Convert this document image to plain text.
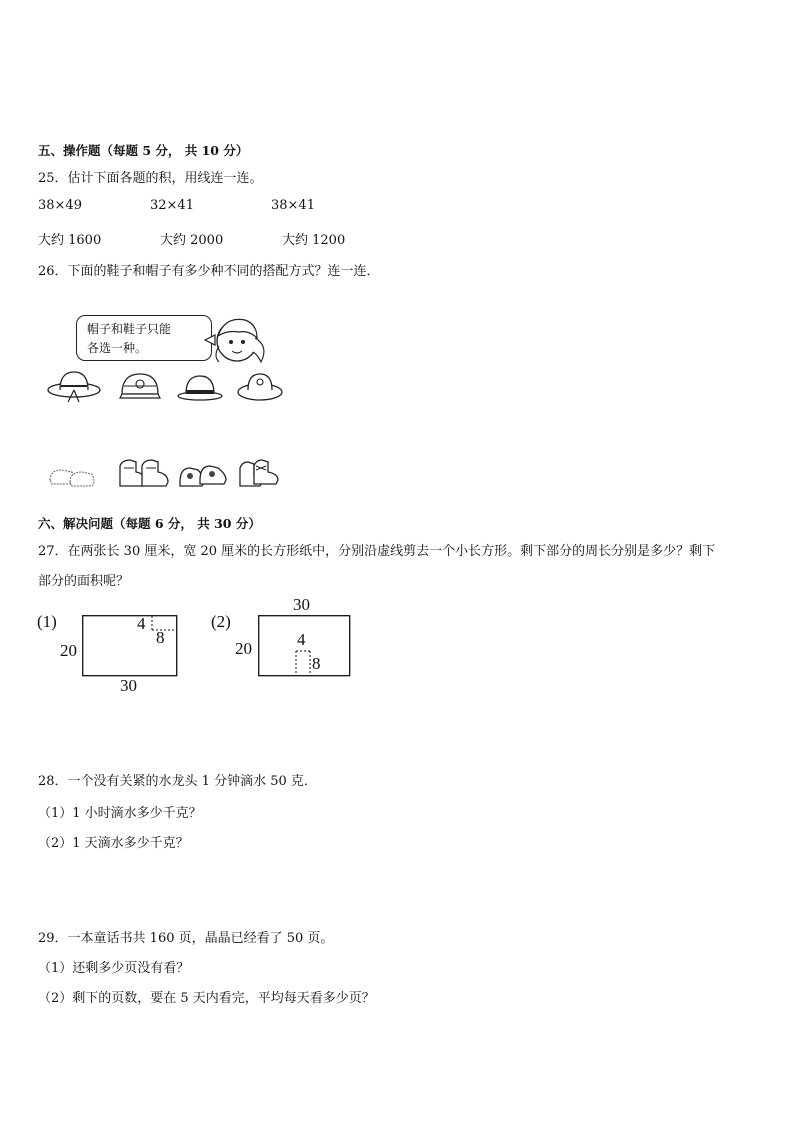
五、操作题（每题 5 分， 共 10 分）
25．估计下面各题的积，用线连一连。
38×49	32×41	38×41
大约 1600	大约 2000	大约 1200
26．下面的鞋子和帽子有多少种不同的搭配方式？连一连．
帽子和鞋子只能
各选一种。
六、解决问题（每题 6 分， 共 30 分）
27．在两张长 30 厘米，宽 20 厘米的长方形纸中，分别沿虚线剪去一个小长方形。剩下部分的周长分别是多少？剩下
部分的面积呢？
(1)	4
8
20
30
(2)
30
4
8
20
28．一个没有关紧的水龙头 1 分钟滴水 50 克．
（1）1 小时滴水多少千克？
（2）1 天滴水多少千克？
29．一本童话书共 160 页，晶晶已经看了 50 页。
（1）还剩多少页没有看？
（2）剩下的页数，要在 5 天内看完，平均每天看多少页？
